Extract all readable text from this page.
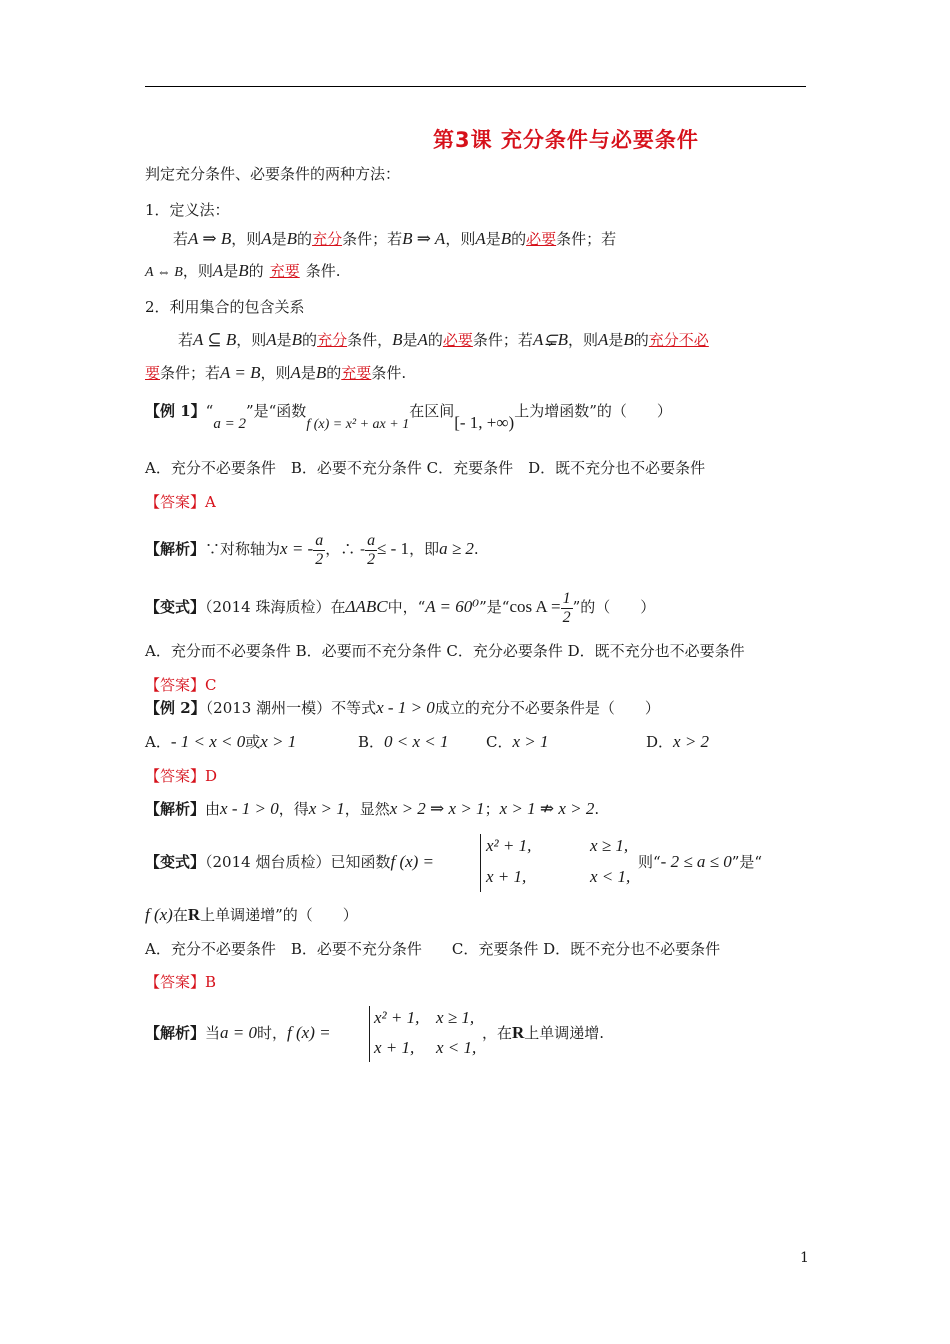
第3课 充分条件与必要条件
判定充分条件、必要条件的两种方法：
1．定义法：
若A ⇒ B，则A是B的充分条件；若B ⇒ A，则A是B的必要条件；若
A ⇔ B，则A是B的 充要 条件.
2．利用集合的包含关系
若A ⊆ B，则A是B的充分条件，B是A的必要条件；若A⊊B，则A是B的充分不必
要条件；若A = B，则A是B的充要条件.
【例 1】“a = 2”是“函数f (x) = x² + ax + 1在区间[- 1, +∞)上为增函数”的（　　）
A．充分不必要条件　B．必要不充分条件 C．充要条件　D．既不充分也不必要条件
【答案】A
【解析】∵对称轴为x = - $\frac{a}{2}$ ，∴ - $\frac{a}{2}$ ≤ - 1，即a ≥ 2.
【变式】（2014 珠海质检）在ΔABC中，“A = 60⁰”是“cos $A = \frac{1}{2}$ ”的（　　）
A．充分而不必要条件 B．必要而不充分条件 C．充分必要条件 D．既不充分也不必要条件
【答案】C
【例 2】（2013 潮州一模）不等式x - 1 > 0成立的充分不必要条件是（　　）
A．- 1 < x < 0或x > 1	B．0 < x < 1 C．x > 1	D．x > 2
【答案】D
【解析】由x - 1 > 0，得x > 1，显然x > 2 ⇒ x > 1；x > 1 ⇏ x > 2.
【变式】（2014 烟台质检）已知函数f (x) =
x² + 1,	x ≥ 1,
x + 1,	x < 1,
则“- 2 ≤ a ≤ 0”是“
f (x)在R上单调递增”的（　　）
A．充分不必要条件　B．必要不充分条件　　C．充要条件 D．既不充分也不必要条件
【答案】B
【解析】当a = 0时，f (x) =
x² + 1, x ≥ 1,
x + 1, x < 1,
，在R上单调递增.
1
